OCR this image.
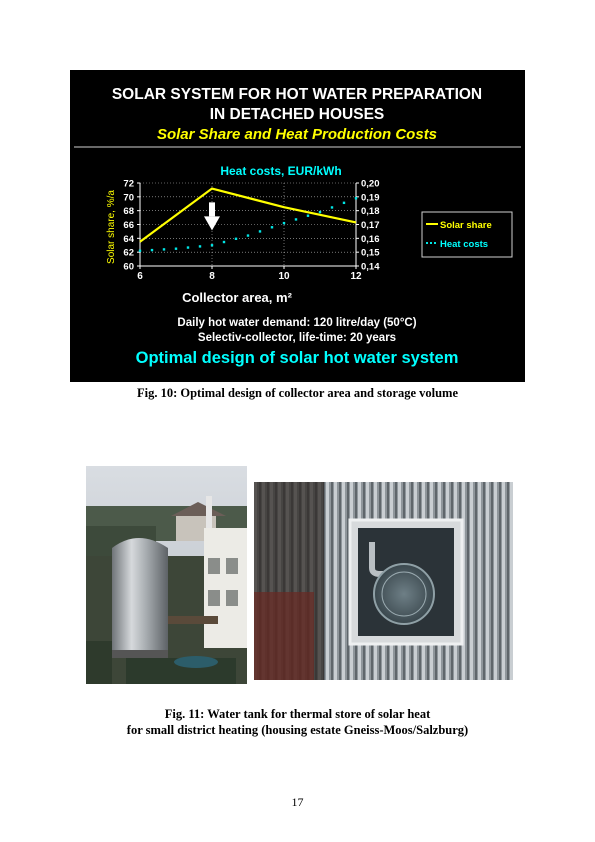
SOLAR SYSTEM FOR HOT WATER PREPARATION
IN DETACHED HOUSES
Solar Share and Heat Production Costs
Heat costs, EUR/kWh
Solar share, %/a
60
62
64
66
68
70
72
0,14
0,15
0,16
0,17
0,18
0,19
0,20
6	8	10	12
Solar share
Heat costs
Collector area, m²
Daily hot water demand: 120 litre/day (50°C)
Selectiv-collector, life-time: 20 years
Optimal design of solar hot water system
Fig. 10: Optimal design of collector area and storage volume
Fig. 11: Water tank for thermal store of solar heat
for small district heating (housing estate Gneiss-Moos/Salzburg)
17
